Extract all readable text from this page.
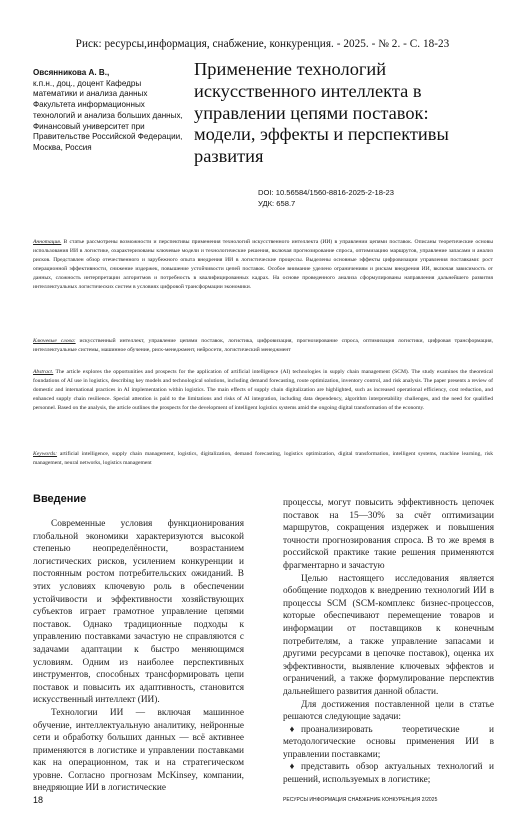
Риск: ресурсы,информация, снабжение, конкуренция. - 2025. - № 2. - С. 18-23
Овсянникова А. В.,
к.п.н., доц., доцент Кафедры математики и анализа данных Факультета информационных технологий и анализа больших данных, Финансовый университет при Правительстве Российской Федерации, Москва, Россия
Применение технологий искусственного интеллекта в управлении цепями поставок: модели, эффекты и перспективы развития
DOI: 10.56584/1560-8816-2025-2-18-23
УДК: 658.7
Аннотация. В статье рассмотрены возможности и перспективы применения технологий искусственного интеллекта (ИИ) в управлении цепями поставок. Описаны теоретические основы использования ИИ в логистике, охарактеризованы ключевые модели и технологические решения, включая прогнозирование спроса, оптимизацию маршрутов, управление запасами и анализ рисков. Представлен обзор отечественного и зарубежного опыта внедрения ИИ в логистические процессы. Выделены основные эффекты цифровизации управления поставками: рост операционной эффективности, снижение издержек, повышение устойчивости цепей поставок. Особое внимание уделено ограничениям и рискам внедрения ИИ, включая зависимость от данных, сложность интерпретации алгоритмов и потребность в квалифицированных кадрах. На основе проведенного анализа сформулированы направления дальнейшего развития интеллектуальных логистических систем в условиях цифровой трансформации экономики.
Ключевые слова: искусственный интеллект, управление цепями поставок, логистика, цифровизация, прогнозирование спроса, оптимизация логистики, цифровая трансформация, интеллектуальные системы, машинное обучение, риск-менеджмент, нейросети, логистический менеджмент
Abstract. The article explores the opportunities and prospects for the application of artificial intelligence (AI) technologies in supply chain management (SCM). The study examines the theoretical foundations of AI use in logistics, describing key models and technological solutions, including demand forecasting, route optimization, inventory control, and risk analysis. The paper presents a review of domestic and international practices in AI implementation within logistics. The main effects of supply chain digitalization are highlighted, such as increased operational efficiency, cost reduction, and enhanced supply chain resilience. Special attention is paid to the limitations and risks of AI integration, including data dependency, algorithm interpretability challenges, and the need for qualified personnel. Based on the analysis, the article outlines the prospects for the development of intelligent logistics systems amid the ongoing digital transformation of the economy.
Keywords: artificial intelligence, supply chain management, logistics, digitalization, demand forecasting, logistics optimization, digital transformation, intelligent systems, machine learning, risk management, neural networks, logistics management
Введение

Современные условия функционирования глобальной экономики характеризуются высокой степенью неопределённости, возрастанием логистических рисков, усилением конкуренции и постоянным ростом потребительских ожиданий. В этих условиях ключевую роль в обеспечении устойчивости и эффективности хозяйствующих субъектов играет грамотное управление цепями поставок. Однако традиционные подходы к управлению поставками зачастую не справляются с задачами адаптации к быстро меняющимся условиям. Одним из наиболее перспективных инструментов, способных трансформировать цепи поставок и повысить их адаптивность, становится искусственный интеллект (ИИ).

Технологии ИИ — включая машинное обучение, интеллектуальную аналитику, нейронные сети и обработку больших данных — всё активнее применяются в логистике и управлении поставками как на операционном, так и на стратегическом уровне. Согласно прогнозам McKinsey, компании, внедряющие ИИ в логистические

процессы, могут повысить эффективность цепочек поставок на 15—30% за счёт оптимизации маршрутов, сокращения издержек и повышения точности прогнозирования спроса. В то же время в российской практике такие решения применяются фрагментарно и зачастую

Целью настоящего исследования является обобщение подходов к внедрению технологий ИИ в процессы SCM (SCM-комплекс бизнес-процессов, которые обеспечивают перемещение товаров и информации от поставщиков к конечным потребителям, а также управление запасами и другими ресурсами в цепочке поставок), оценка их эффективности, выявление ключевых эффектов и ограничений, а также формулирование перспектив дальнейшего развития данной области.

Для достижения поставленной цели в статье решаются следующие задачи:

♦ проанализировать теоретические и методологические основы применения ИИ в управлении поставками;

♦ представить обзор актуальных технологий и решений, используемых в логистике;

18	РЕСУРСЫ ИНФОРМАЦИЯ СНАБЖЕНИЕ КОНКУРЕНЦИЯ 2/2025
